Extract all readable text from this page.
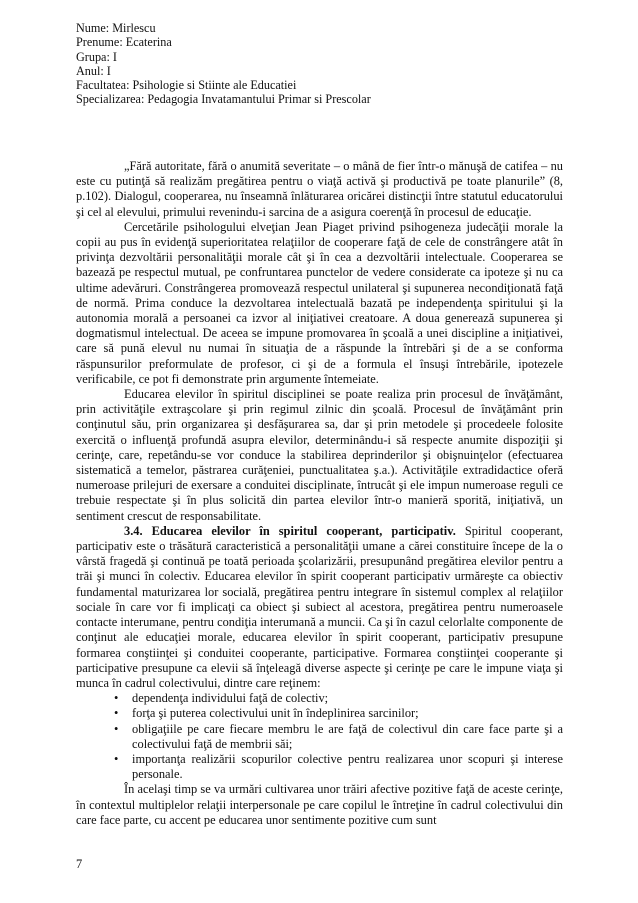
Nume: Mirlescu
Prenume: Ecaterina
Grupa: I
Anul: I
Facultatea: Psihologie si Stiinte ale Educatiei
Specializarea: Pedagogia Invatamantului Primar si Prescolar

„Fără autoritate, fără o anumită severitate – o mână de fier într-o mănuşă de catifea – nu este cu putinţă să realizăm pregătirea pentru o viaţă activă şi productivă pe toate planurile” (8, p.102). Dialogul, cooperarea, nu înseamnă înlăturarea oricărei distincţii între statutul educatorului şi cel al elevului, primului revenindu-i sarcina de a asigura coerenţă în procesul de educaţie.

Cercetările psihologului elveţian Jean Piaget privind psihogeneza judecăţii morale la copii au pus în evidenţă superioritatea relaţiilor de cooperare faţă de cele de constrângere atât în privinţa dezvoltării personalităţii morale cât şi în cea a dezvoltării intelectuale. Cooperarea se bazează pe respectul mutual, pe confruntarea punctelor de vedere considerate ca ipoteze şi nu ca ultime adevăruri. Constrângerea promovează respectul unilateral şi supunerea necondiţionată faţă de normă. Prima conduce la dezvoltarea intelectuală bazată pe independenţa spiritului şi la autonomia morală a persoanei ca izvor al iniţiativei creatoare. A doua generează supunerea şi dogmatismul intelectual. De aceea se impune promovarea în şcoală a unei discipline a iniţiativei, care să pună elevul nu numai în situaţia de a răspunde la întrebări şi de a se conforma răspunsurilor preformulate de profesor, ci şi de a formula el însuşi întrebările, ipotezele verificabile, ce pot fi demonstrate prin argumente întemeiate.

Educarea elevilor în spiritul disciplinei se poate realiza prin procesul de învăţământ, prin activităţile extraşcolare şi prin regimul zilnic din şcoală. Procesul de învăţământ prin conţinutul său, prin organizarea şi desfăşurarea sa, dar şi prin metodele şi procedeele folosite exercită o influenţă profundă asupra elevilor, determinându-i să respecte anumite dispoziţii şi cerinţe, care, repetându-se vor conduce la stabilirea deprinderilor şi obişnuinţelor (efectuarea sistematică a temelor, păstrarea curăţeniei, punctualitatea ş.a.). Activităţile extradidactice oferă numeroase prilejuri de exersare a conduitei disciplinate, întrucât şi ele impun numeroase reguli ce trebuie respectate şi în plus solicită din partea elevilor într-o manieră sporită, iniţiativă, un sentiment crescut de responsabilitate.

3.4. Educarea elevilor în spiritul cooperant, participativ. Spiritul cooperant, participativ este o trăsătură caracteristică a personalităţii umane a cărei constituire începe de la o vârstă fragedă şi continuă pe toată perioada şcolarizării, presupunând pregătirea elevilor pentru a trăi şi munci în colectiv. Educarea elevilor în spirit cooperant participativ urmăreşte ca obiectiv fundamental maturizarea lor socială, pregătirea pentru integrare în sistemul complex al relaţiilor sociale în care vor fi implicaţi ca obiect şi subiect al acestora, pregătirea pentru numeroasele contacte interumane, pentru condiţia interumană a muncii. Ca şi în cazul celorlalte componente de conţinut ale educaţiei morale, educarea elevilor în spirit cooperant, participativ presupune formarea conştiinţei şi conduitei cooperante, participative. Formarea conştiinţei cooperante şi participative presupune ca elevii să înţeleagă diverse aspecte şi cerinţe pe care le impune viaţa şi munca în cadrul colectivului, dintre care reţinem:

• dependenţa individului faţă de colectiv;
• forţa şi puterea colectivului unit în îndeplinirea sarcinilor;
• obligaţiile pe care fiecare membru le are faţă de colectivul din care face parte şi a colectivului faţă de membrii săi;
• importanţa realizării scopurilor colective pentru realizarea unor scopuri şi interese personale.

În acelaşi timp se va urmări cultivarea unor trăiri afective pozitive faţă de aceste cerinţe, în contextul multiplelor relaţii interpersonale pe care copilul le întreţine în cadrul colectivului din care face parte, cu accent pe educarea unor sentimente pozitive cum sunt

7
